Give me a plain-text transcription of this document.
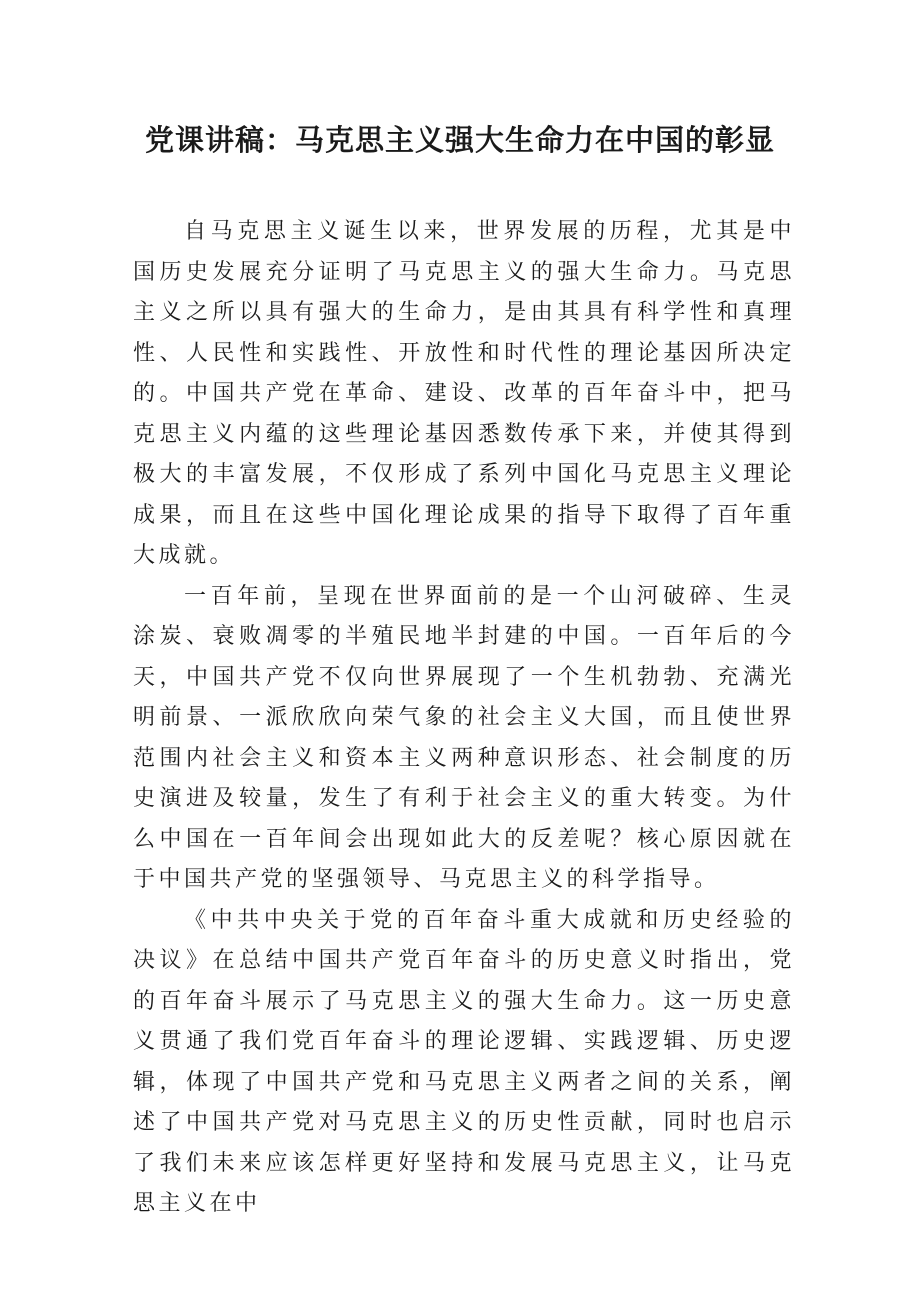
党课讲稿：马克思主义强大生命力在中国的彰显

自马克思主义诞生以来，世界发展的历程，尤其是中国历史发展充分证明了马克思主义的强大生命力。马克思主义之所以具有强大的生命力，是由其具有科学性和真理性、人民性和实践性、开放性和时代性的理论基因所决定的。中国共产党在革命、建设、改革的百年奋斗中，把马克思主义内蕴的这些理论基因悉数传承下来，并使其得到极大的丰富发展，不仅形成了系列中国化马克思主义理论成果，而且在这些中国化理论成果的指导下取得了百年重大成就。

一百年前，呈现在世界面前的是一个山河破碎、生灵涂炭、衰败凋零的半殖民地半封建的中国。一百年后的今天，中国共产党不仅向世界展现了一个生机勃勃、充满光明前景、一派欣欣向荣气象的社会主义大国，而且使世界范围内社会主义和资本主义两种意识形态、社会制度的历史演进及较量，发生了有利于社会主义的重大转变。为什么中国在一百年间会出现如此大的反差呢？核心原因就在于中国共产党的坚强领导、马克思主义的科学指导。

《中共中央关于党的百年奋斗重大成就和历史经验的决议》在总结中国共产党百年奋斗的历史意义时指出，党的百年奋斗展示了马克思主义的强大生命力。这一历史意义贯通了我们党百年奋斗的理论逻辑、实践逻辑、历史逻辑，体现了中国共产党和马克思主义两者之间的关系，阐述了中国共产党对马克思主义的历史性贡献，同时也启示了我们未来应该怎样更好坚持和发展马克思主义，让马克思主义在中
